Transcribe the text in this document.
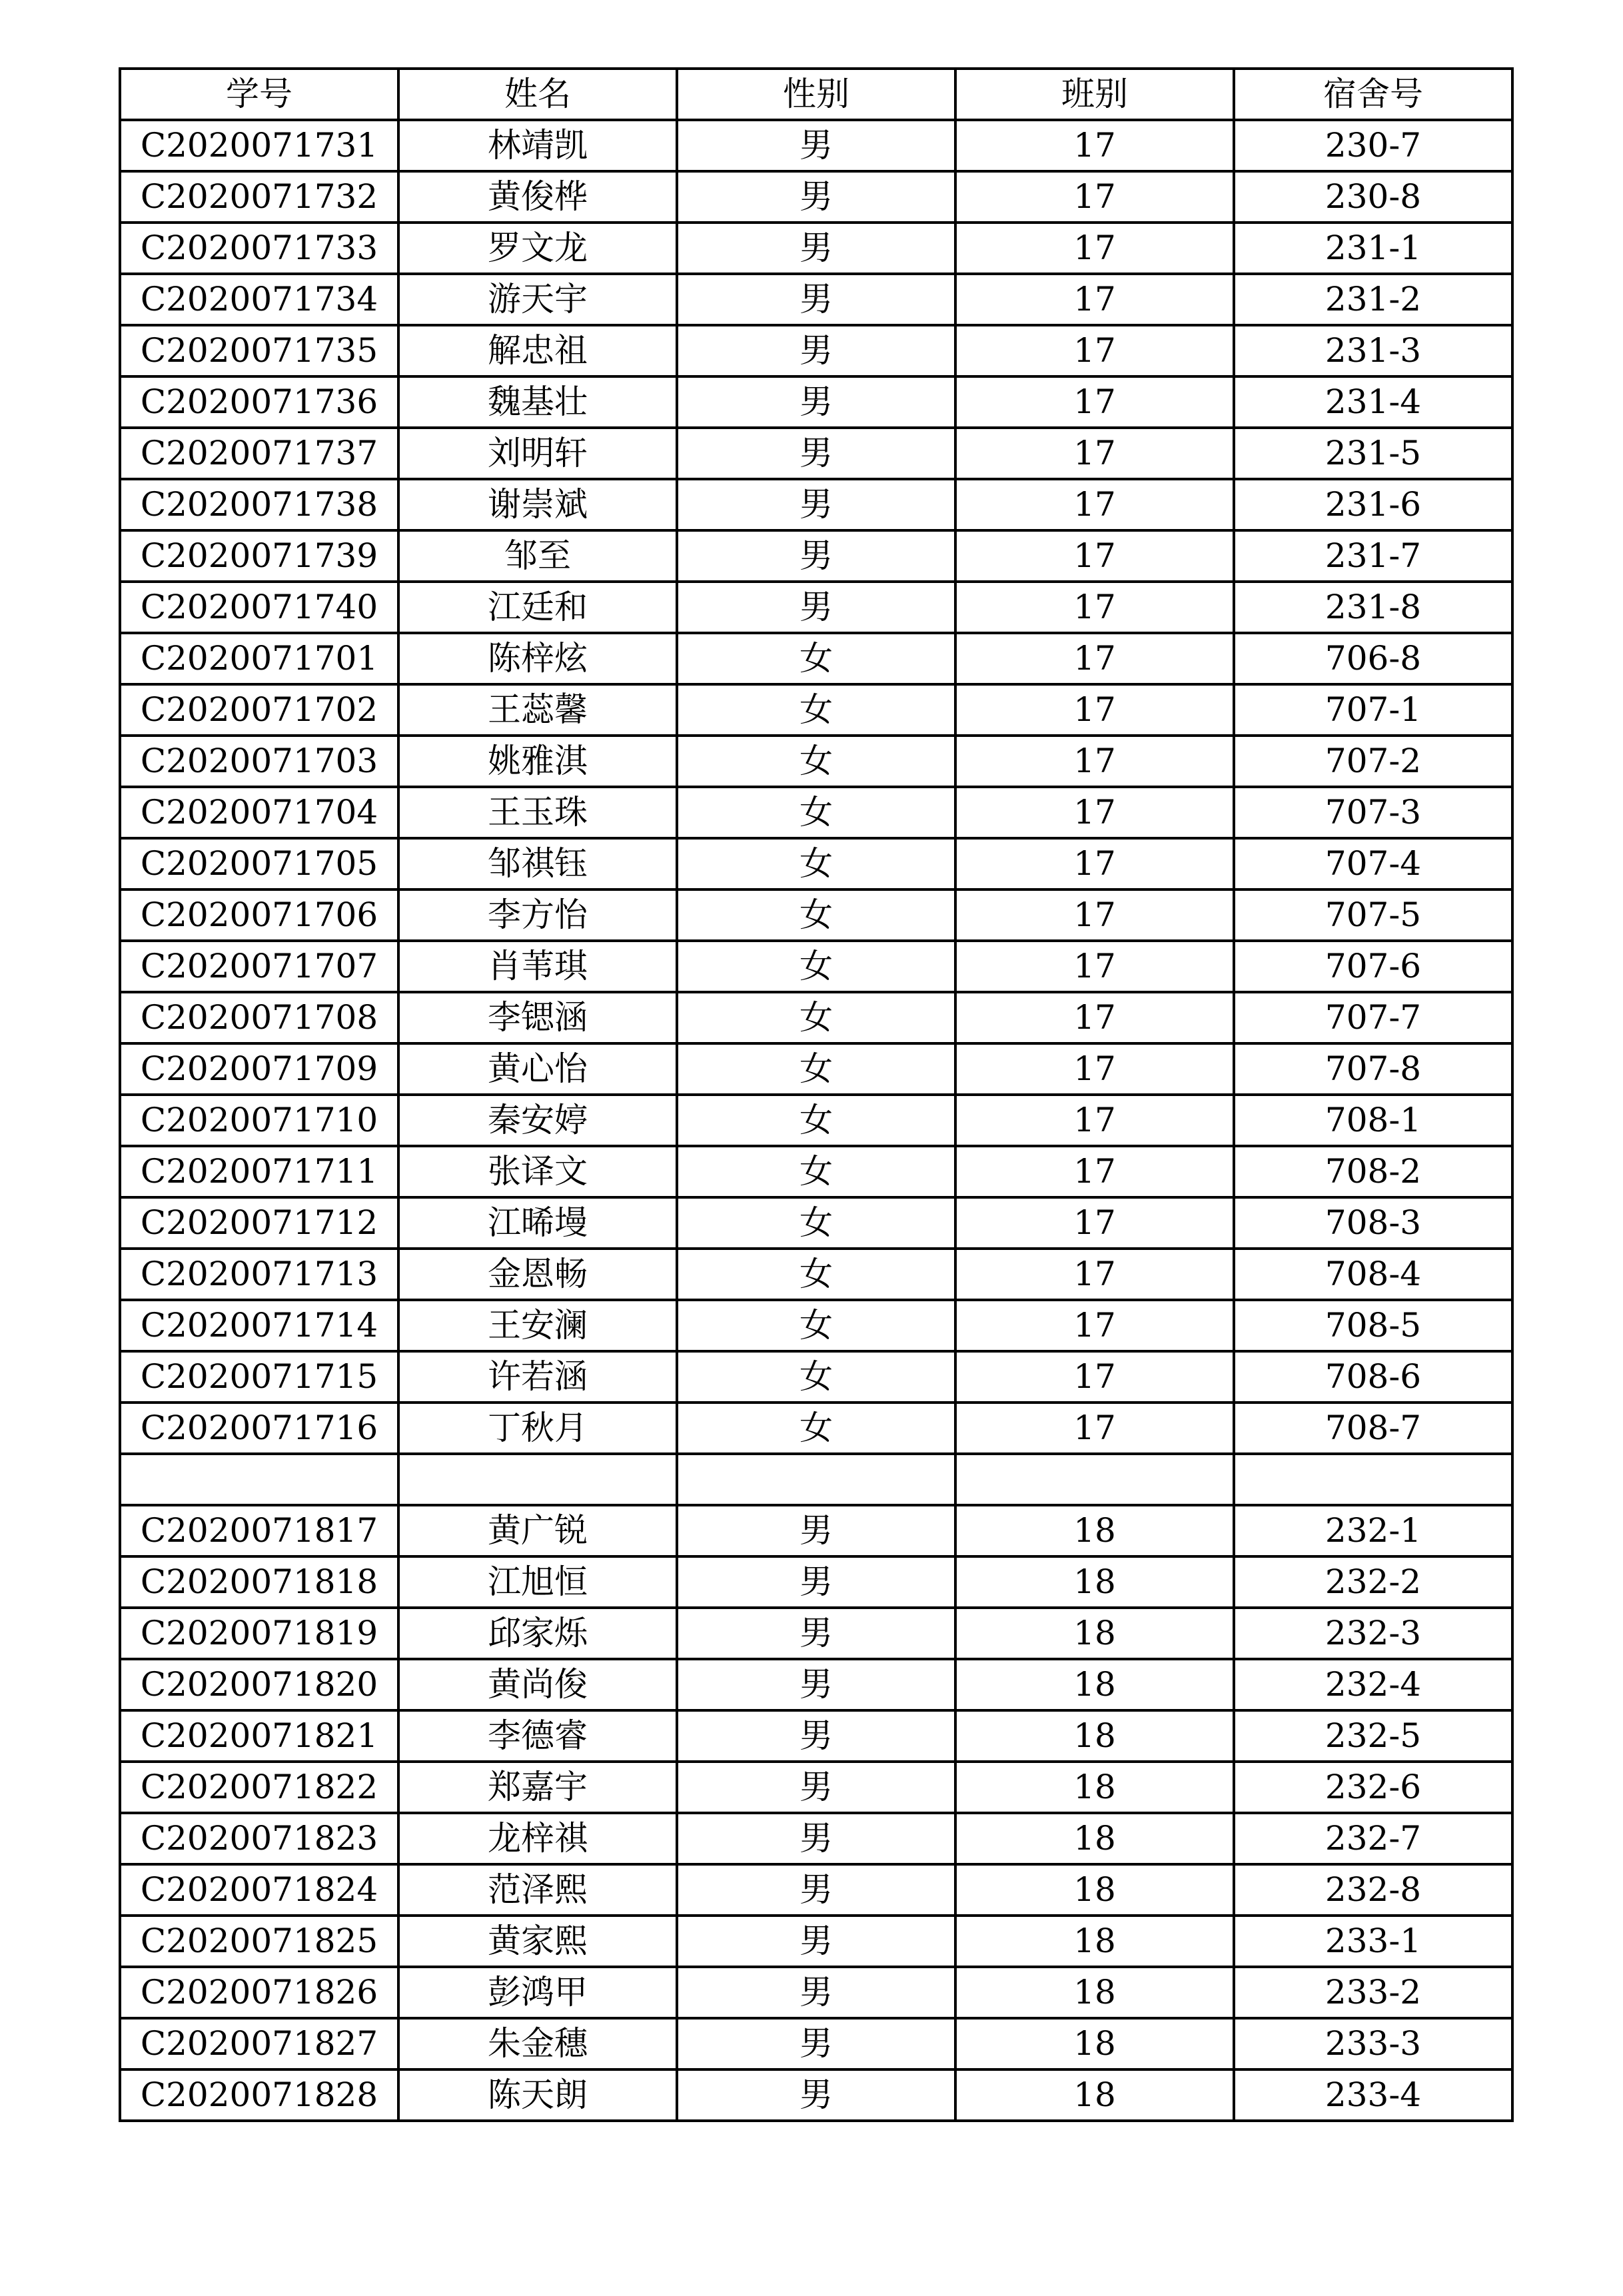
学号	姓名	性别	班别	宿舍号
C2020071731	林靖凯	男	17	230-7
C2020071732	黄俊桦	男	17	230-8
C2020071733	罗文龙	男	17	231-1
C2020071734	游天宇	男	17	231-2
C2020071735	解忠祖	男	17	231-3
C2020071736	魏基壮	男	17	231-4
C2020071737	刘明轩	男	17	231-5
C2020071738	谢崇斌	男	17	231-6
C2020071739	邹至	男	17	231-7
C2020071740	江廷和	男	17	231-8
C2020071701	陈梓炫	女	17	706-8
C2020071702	王蕊馨	女	17	707-1
C2020071703	姚雅淇	女	17	707-2
C2020071704	王玉珠	女	17	707-3
C2020071705	邹祺钰	女	17	707-4
C2020071706	李方怡	女	17	707-5
C2020071707	肖苇琪	女	17	707-6
C2020071708	李锶涵	女	17	707-7
C2020071709	黄心怡	女	17	707-8
C2020071710	秦安婷	女	17	708-1
C2020071711	张译文	女	17	708-2
C2020071712	江晞墁	女	17	708-3
C2020071713	金恩畅	女	17	708-4
C2020071714	王安澜	女	17	708-5
C2020071715	许若涵	女	17	708-6
C2020071716	丁秋月	女	17	708-7

C2020071817	黄广锐	男	18	232-1
C2020071818	江旭恒	男	18	232-2
C2020071819	邱家烁	男	18	232-3
C2020071820	黄尚俊	男	18	232-4
C2020071821	李德睿	男	18	232-5
C2020071822	郑嘉宇	男	18	232-6
C2020071823	龙梓祺	男	18	232-7
C2020071824	范泽熙	男	18	232-8
C2020071825	黄家熙	男	18	233-1
C2020071826	彭鸿甲	男	18	233-2
C2020071827	朱金穗	男	18	233-3
C2020071828	陈天朗	男	18	233-4
